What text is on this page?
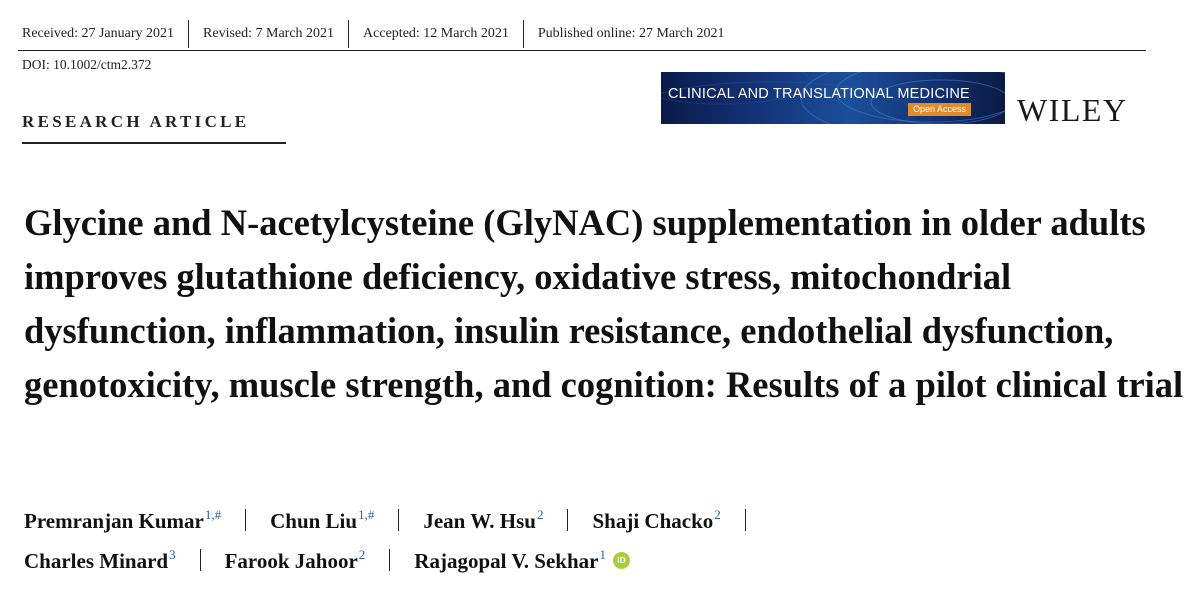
Received: 27 January 2021	Revised: 7 March 2021	Accepted: 12 March 2021	Published online: 27 March 2021
DOI: 10.1002/ctm2.372
RESEARCH ARTICLE
CLINICAL AND TRANSLATIONAL MEDICINE
Open Access WILEY
Glycine and N-acetylcysteine (GlyNAC) supplementation in older adults improves glutathione deficiency, oxidative stress, mitochondrial dysfunction, inflammation, insulin resistance, endothelial dysfunction, genotoxicity, muscle strength, and cognition: Results of a pilot clinical trial
Premranjan Kumar$^{1,\#}$ Chun Liu$^{1,\#}$ Jean W. Hsu$^2$ Shaji Chacko$^2$
Charles Minard$^3$ Farook Jahoor$^2$ Rajagopal V. Sekhar$^1$	iD
